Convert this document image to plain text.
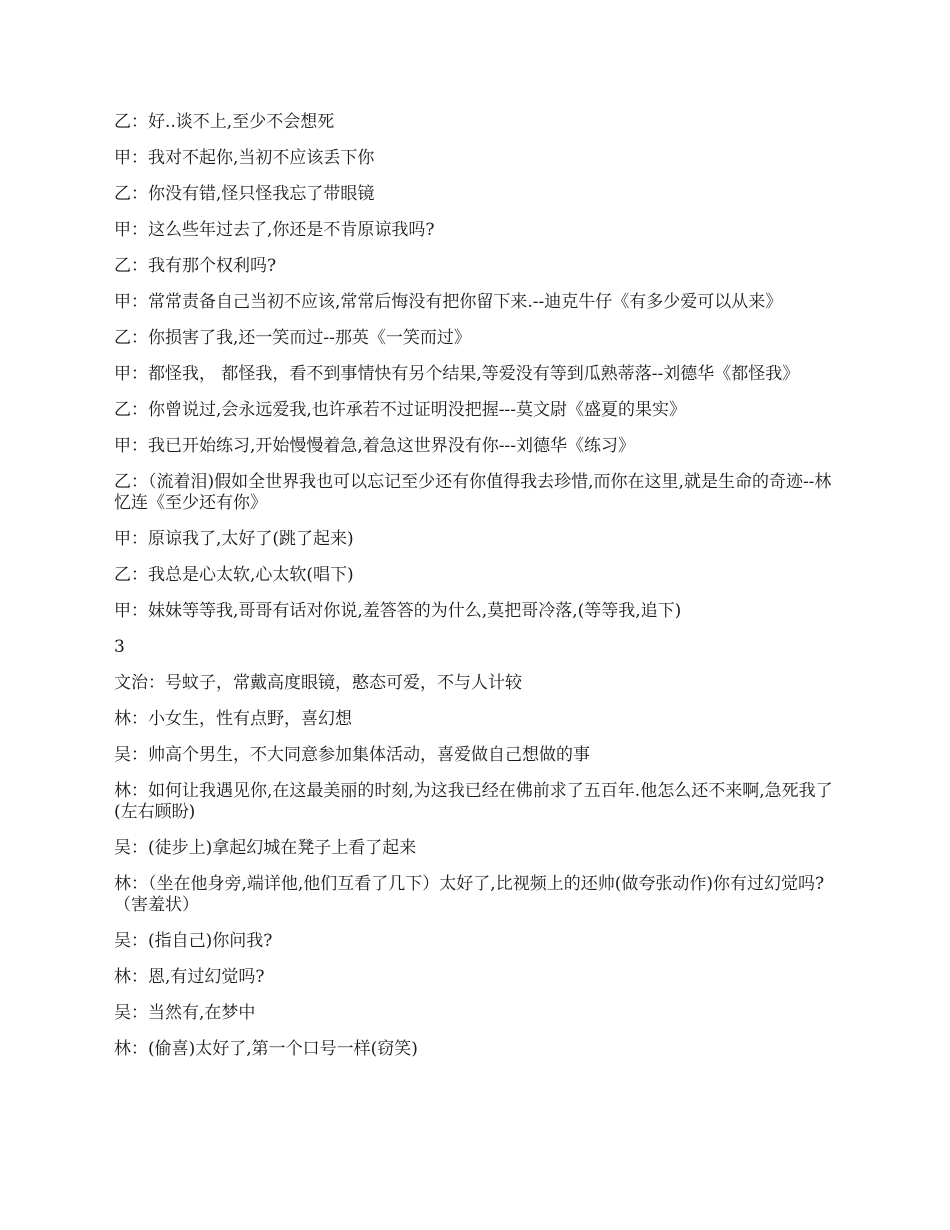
乙：好..谈不上,至少不会想死

甲：我对不起你,当初不应该丢下你

乙：你没有错,怪只怪我忘了带眼镜

甲：这么些年过去了,你还是不肯原谅我吗?

乙：我有那个权利吗?

甲：常常责备自己当初不应该,常常后悔没有把你留下来.--迪克牛仔《有多少爱可以从来》

乙：你损害了我,还一笑而过--那英《一笑而过》

甲：都怪我， 都怪我，看不到事情快有另个结果,等爱没有等到瓜熟蒂落--刘德华《都怪我》

乙：你曾说过,会永远爱我,也许承若不过证明没把握---莫文尉《盛夏的果实》

甲：我已开始练习,开始慢慢着急,着急这世界没有你---刘德华《练习》

乙：（流着泪)假如全世界我也可以忘记至少还有你值得我去珍惜,而你在这里,就是生命的奇迹--林忆连《至少还有你》

甲：原谅我了,太好了(跳了起来)

乙：我总是心太软,心太软(唱下)

甲：妹妹等等我,哥哥有话对你说,羞答答的为什么,莫把哥冷落,(等等我,追下)

3

文治：号蚊子，常戴高度眼镜，憨态可爱，不与人计较

林：小女生，性有点野，喜幻想

吴：帅高个男生，不大同意参加集体活动，喜爱做自己想做的事

林：如何让我遇见你,在这最美丽的时刻,为这我已经在佛前求了五百年.他怎么还不来啊,急死我了(左右顾盼)

吴：(徒步上)拿起幻城在凳子上看了起来

林：（坐在他身旁,端详他,他们互看了几下）太好了,比视频上的还帅(做夸张动作)你有过幻觉吗?（害羞状）

吴：(指自己)你问我?

林：恩,有过幻觉吗?

吴：当然有,在梦中

林：(偷喜)太好了,第一个口号一样(窃笑)
